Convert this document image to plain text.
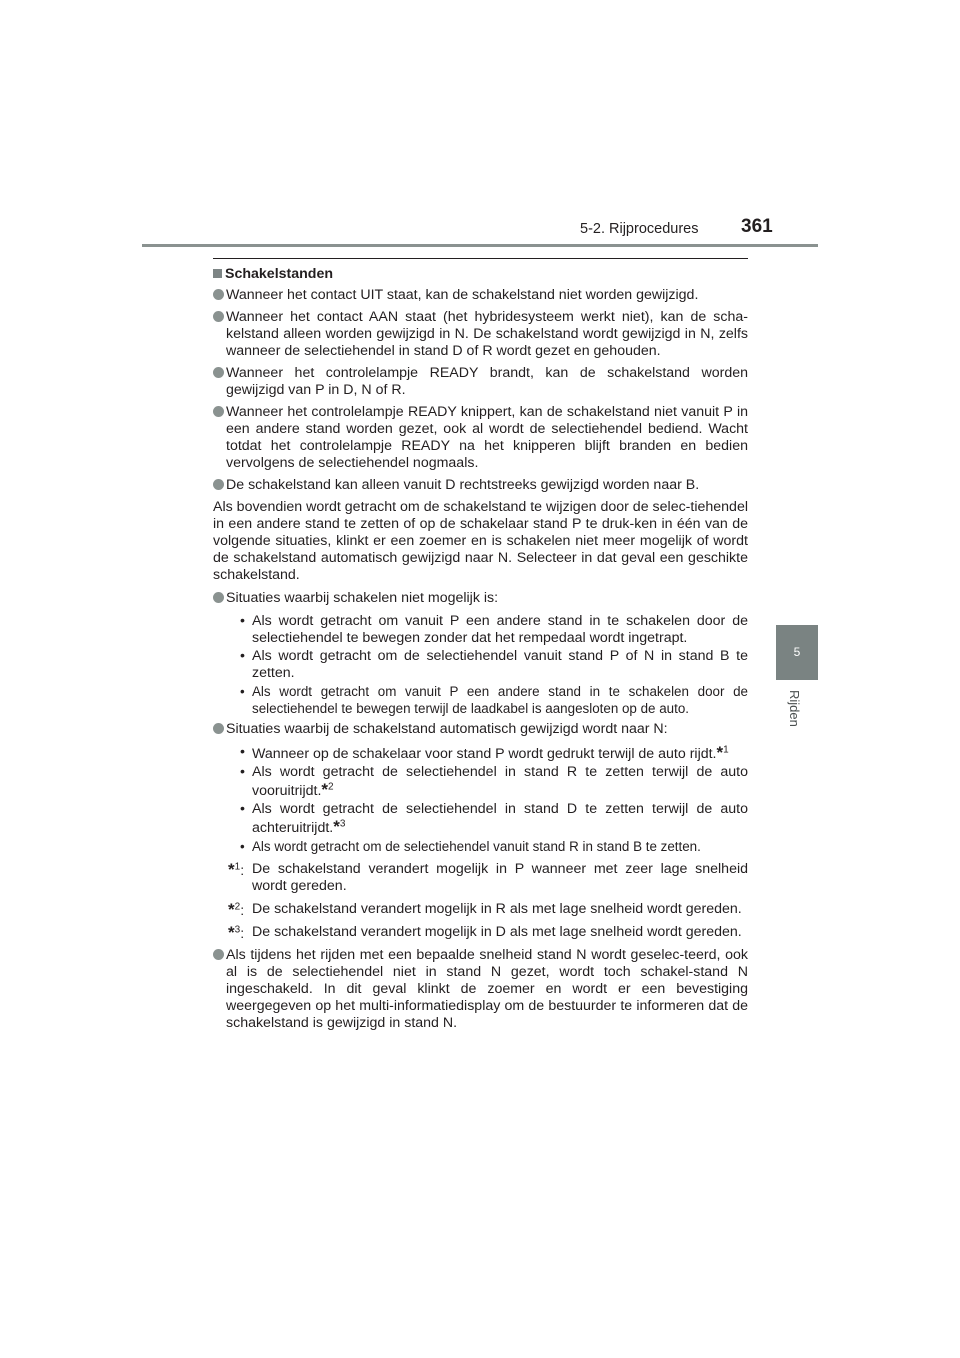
5-2. Rijprocedures 361
5
Rijden
Schakelstanden
Wanneer het contact UIT staat, kan de schakelstand niet worden gewijzigd.
Wanneer het contact AAN staat (het hybridesysteem werkt niet), kan de scha-kelstand alleen worden gewijzigd in N. De schakelstand wordt gewijzigd in N, zelfs wanneer de selectiehendel in stand D of R wordt gezet en gehouden.
Wanneer het controlelampje READY brandt, kan de schakelstand worden gewijzigd van P in D, N of R.
Wanneer het controlelampje READY knippert, kan de schakelstand niet vanuit P in een andere stand worden gezet, ook al wordt de selectiehendel bediend. Wacht totdat het controlelampje READY na het knipperen blijft branden en bedien vervolgens de selectiehendel nogmaals.
De schakelstand kan alleen vanuit D rechtstreeks gewijzigd worden naar B.
Als bovendien wordt getracht om de schakelstand te wijzigen door de selec-tiehendel in een andere stand te zetten of op de schakelaar stand P te druk-ken in één van de volgende situaties, klinkt er een zoemer en is schakelen niet meer mogelijk of wordt de schakelstand automatisch gewijzigd naar N. Selecteer in dat geval een geschikte schakelstand.
Situaties waarbij schakelen niet mogelijk is:
• Als wordt getracht om vanuit P een andere stand in te schakelen door de selectiehendel te bewegen zonder dat het rempedaal wordt ingetrapt.
• Als wordt getracht om de selectiehendel vanuit stand P of N in stand B te zetten.
• Als wordt getracht om vanuit P een andere stand in te schakelen door de selectiehendel te bewegen terwijl de laadkabel is aangesloten op de auto.
Situaties waarbij de schakelstand automatisch gewijzigd wordt naar N:
• Wanneer op de schakelaar voor stand P wordt gedrukt terwijl de auto rijdt.*$^1$
• Als wordt getracht de selectiehendel in stand R te zetten terwijl de auto vooruitrijdt.*$^2$
• Als wordt getracht de selectiehendel in stand D te zetten terwijl de auto achteruitrijdt.*$^3$
• Als wordt getracht om de selectiehendel vanuit stand R in stand B te zetten.
*$^1$: De schakelstand verandert mogelijk in P wanneer met zeer lage snelheid wordt gereden.
*$^2$: De schakelstand verandert mogelijk in R als met lage snelheid wordt gereden.
*$^3$: De schakelstand verandert mogelijk in D als met lage snelheid wordt gereden.
Als tijdens het rijden met een bepaalde snelheid stand N wordt geselec-teerd, ook al is de selectiehendel niet in stand N gezet, wordt toch schakel-stand N ingeschakeld. In dit geval klinkt de zoemer en wordt er een bevestiging weergegeven op het multi-informatiedisplay om de bestuurder te informeren dat de schakelstand is gewijzigd in stand N.
